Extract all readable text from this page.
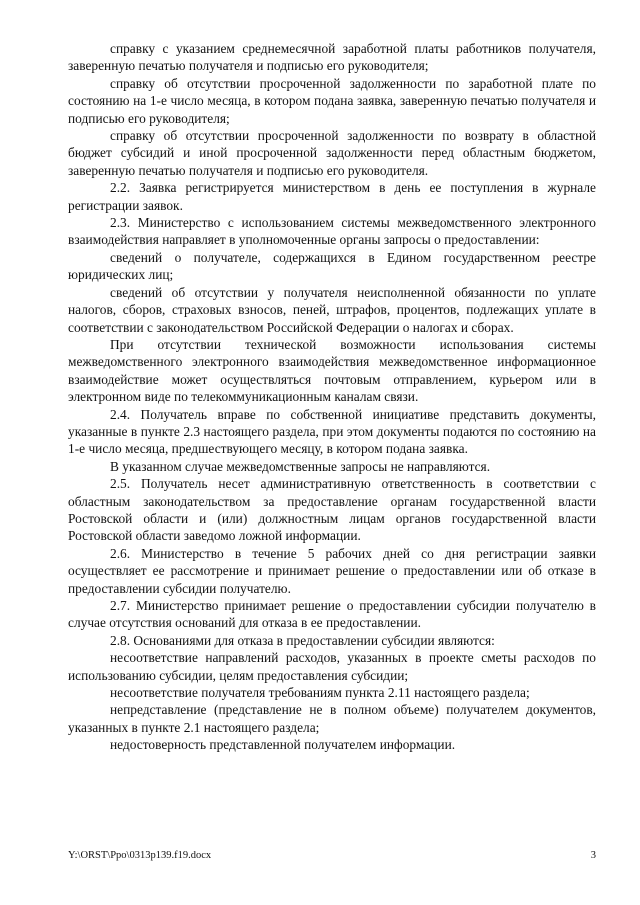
справку с указанием среднемесячной заработной платы работников получателя, заверенную печатью получателя и подписью его руководителя;

справку об отсутствии просроченной задолженности по заработной плате по состоянию на 1-е число месяца, в котором подана заявка, заверенную печатью получателя и подписью его руководителя;

справку об отсутствии просроченной задолженности по возврату в областной бюджет субсидий и иной просроченной задолженности перед областным бюджетом, заверенную печатью получателя и подписью его руководителя.

2.2. Заявка регистрируется министерством в день ее поступления в журнале регистрации заявок.

2.3. Министерство с использованием системы межведомственного электронного взаимодействия направляет в уполномоченные органы запросы о предоставлении:

сведений о получателе, содержащихся в Едином государственном реестре юридических лиц;

сведений об отсутствии у получателя неисполненной обязанности по уплате налогов, сборов, страховых взносов, пеней, штрафов, процентов, подлежащих уплате в соответствии с законодательством Российской Федерации о налогах и сборах.

При отсутствии технической возможности использования системы межведомственного электронного взаимодействия межведомственное информационное взаимодействие может осуществляться почтовым отправлением, курьером или в электронном виде по телекоммуникационным каналам связи.

2.4. Получатель вправе по собственной инициативе представить документы, указанные в пункте 2.3 настоящего раздела, при этом документы подаются по состоянию на 1-е число месяца, предшествующего месяцу, в котором подана заявка.

В указанном случае межведомственные запросы не направляются.

2.5. Получатель несет административную ответственность в соответствии с областным законодательством за предоставление органам государственной власти Ростовской области и (или) должностным лицам органов государственной власти Ростовской области заведомо ложной информации.

2.6. Министерство в течение 5 рабочих дней со дня регистрации заявки осуществляет ее рассмотрение и принимает решение о предоставлении или об отказе в предоставлении субсидии получателю.

2.7. Министерство принимает решение о предоставлении субсидии получателю в случае отсутствия оснований для отказа в ее предоставлении.

2.8. Основаниями для отказа в предоставлении субсидии являются:

несоответствие направлений расходов, указанных в проекте сметы расходов по использованию субсидии, целям предоставления субсидии;

несоответствие получателя требованиям пункта 2.11 настоящего раздела;

непредставление (представление не в полном объеме) получателем документов, указанных в пункте 2.1 настоящего раздела;

недостоверность представленной получателем информации.

Y:\ORST\Ppo\0313p139.f19.docx	3
